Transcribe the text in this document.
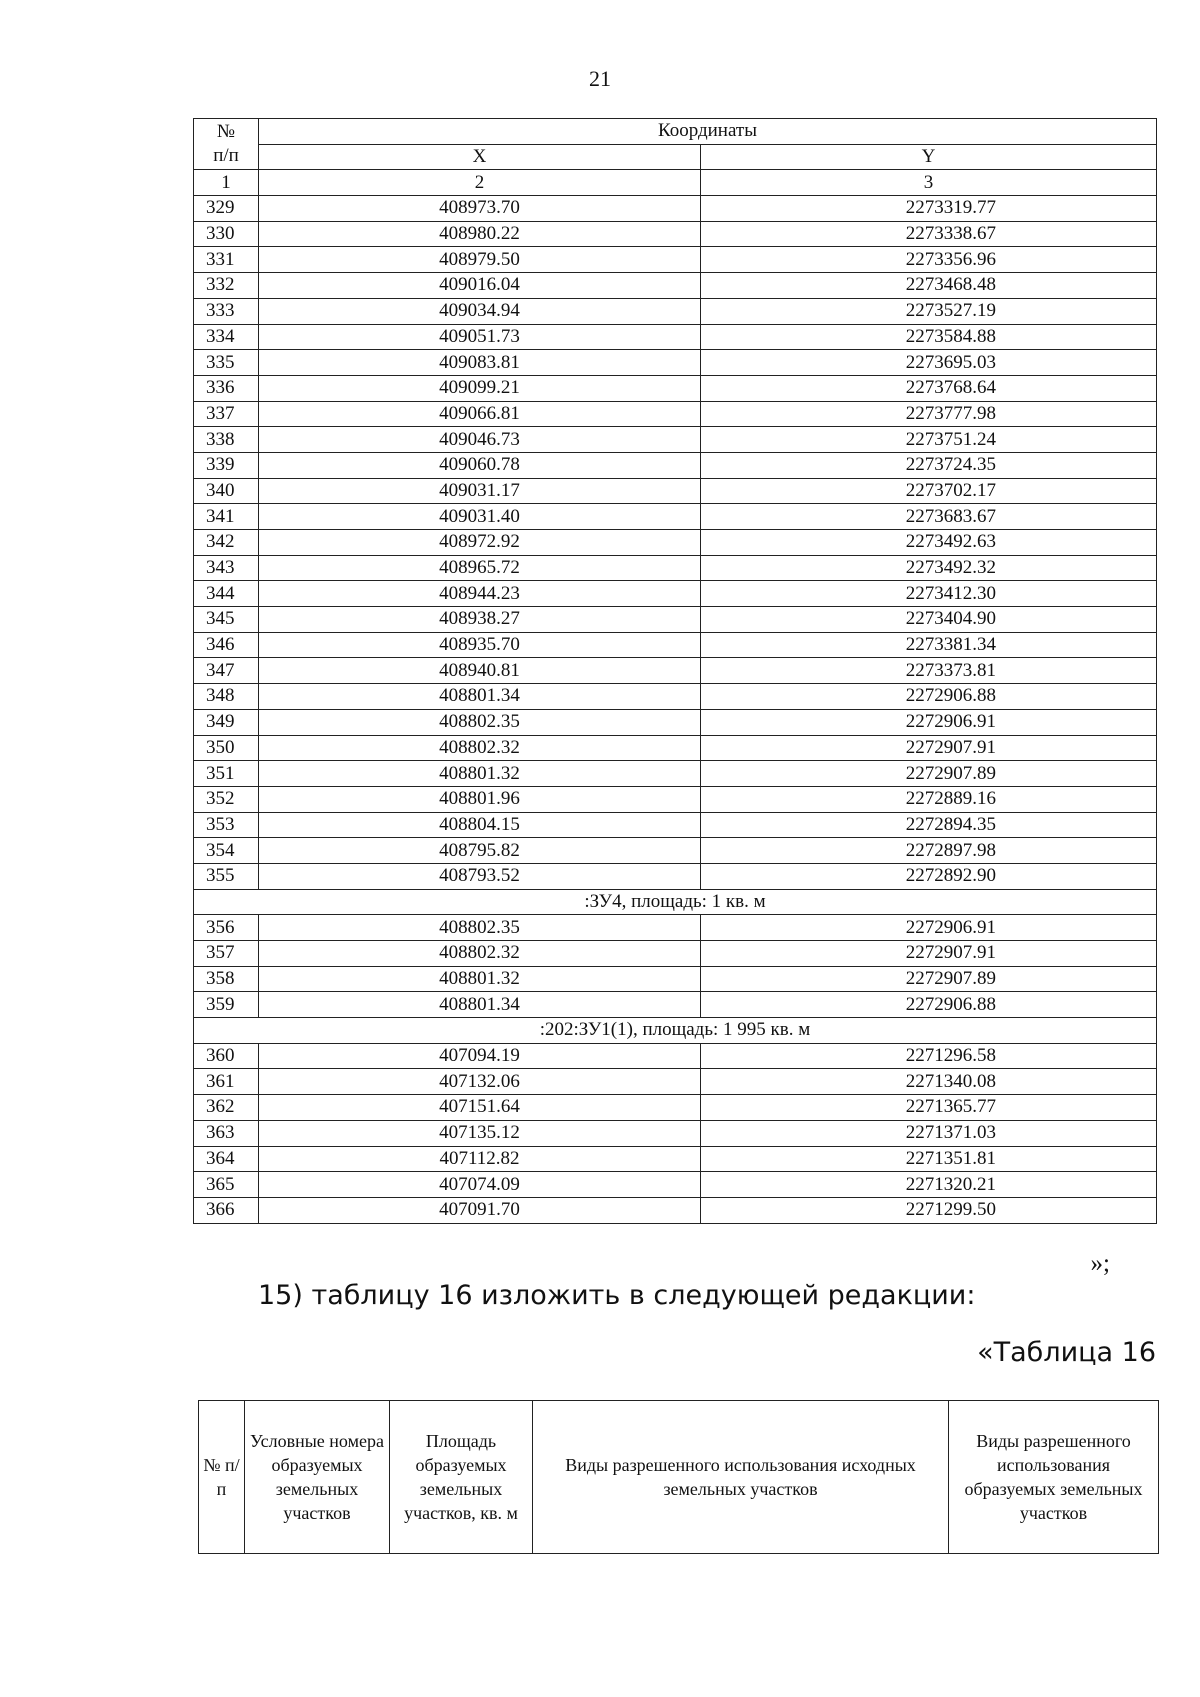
21
№
п/п	Координаты	
	X	Y
1	2	3
329	408973.70	2273319.77
330	408980.22	2273338.67
331	408979.50	2273356.96
332	409016.04	2273468.48
333	409034.94	2273527.19
334	409051.73	2273584.88
335	409083.81	2273695.03
336	409099.21	2273768.64
337	409066.81	2273777.98
338	409046.73	2273751.24
339	409060.78	2273724.35
340	409031.17	2273702.17
341	409031.40	2273683.67
342	408972.92	2273492.63
343	408965.72	2273492.32
344	408944.23	2273412.30
345	408938.27	2273404.90
346	408935.70	2273381.34
347	408940.81	2273373.81
348	408801.34	2272906.88
349	408802.35	2272906.91
350	408802.32	2272907.91
351	408801.32	2272907.89
352	408801.96	2272889.16
353	408804.15	2272894.35
354	408795.82	2272897.98
355	408793.52	2272892.90
:ЗУ4, площадь: 1 кв. м		
356	408802.35	2272906.91
357	408802.32	2272907.91
358	408801.32	2272907.89
359	408801.34	2272906.88
:202:ЗУ1(1), площадь: 1 995 кв. м		
360	407094.19	2271296.58
361	407132.06	2271340.08
362	407151.64	2271365.77
363	407135.12	2271371.03
364	407112.82	2271351.81
365	407074.09	2271320.21
366	407091.70	2271299.50
»;
15) таблицу 16 изложить в следующей редакции:
«Таблица 16
№ п/п	Условные номера образуемых земельных участков	Площадь образуемых земельных участков, кв. м	Виды разрешенного использования исходных земельных участков	Виды разрешенного использования образуемых земельных участков
